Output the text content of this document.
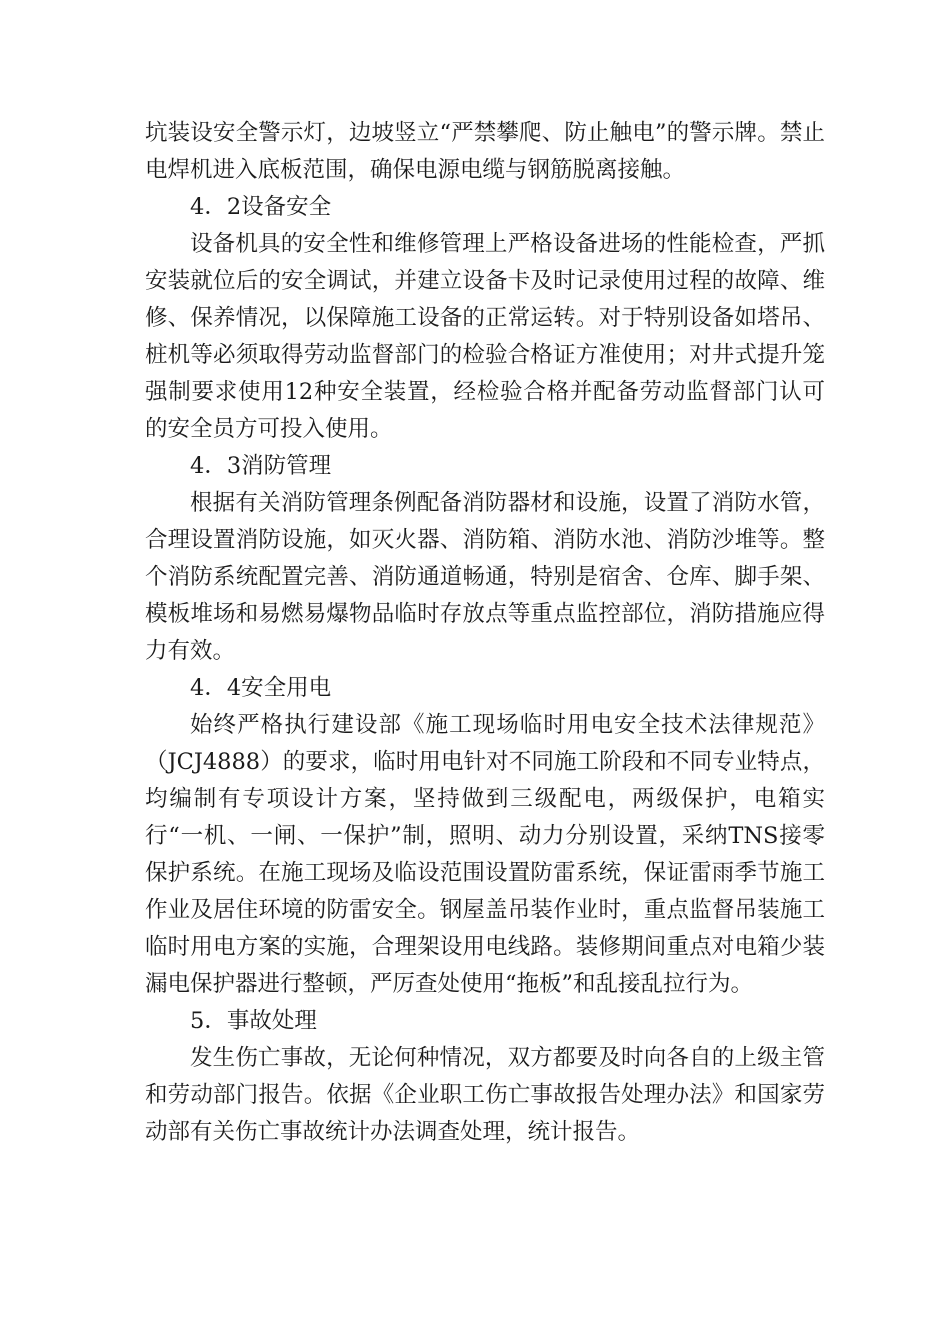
坑装设安全警示灯，边坡竖立“严禁攀爬、防止触电”的警示牌。禁止电焊机进入底板范围，确保电源电缆与钢筋脱离接触。

4．2设备安全

设备机具的安全性和维修管理上严格设备进场的性能检查，严抓安装就位后的安全调试，并建立设备卡及时记录使用过程的故障、维修、保养情况，以保障施工设备的正常运转。对于特别设备如塔吊、桩机等必须取得劳动监督部门的检验合格证方准使用；对井式提升笼强制要求使用12种安全装置，经检验合格并配备劳动监督部门认可的安全员方可投入使用。

4．3消防管理

根据有关消防管理条例配备消防器材和设施，设置了消防水管，合理设置消防设施，如灭火器、消防箱、消防水池、消防沙堆等。整个消防系统配置完善、消防通道畅通，特别是宿舍、仓库、脚手架、模板堆场和易燃易爆物品临时存放点等重点监控部位，消防措施应得力有效。

4．4安全用电

始终严格执行建设部《施工现场临时用电安全技术法律规范》（JCJ4888）的要求，临时用电针对不同施工阶段和不同专业特点，均编制有专项设计方案，坚持做到三级配电，两级保护，电箱实行“一机、一闸、一保护”制，照明、动力分别设置，采纳TNS接零保护系统。在施工现场及临设范围设置防雷系统，保证雷雨季节施工作业及居住环境的防雷安全。钢屋盖吊装作业时，重点监督吊装施工临时用电方案的实施，合理架设用电线路。装修期间重点对电箱少装漏电保护器进行整顿，严厉查处使用“拖板”和乱接乱拉行为。

5．事故处理

发生伤亡事故，无论何种情况，双方都要及时向各自的上级主管和劳动部门报告。依据《企业职工伤亡事故报告处理办法》和国家劳动部有关伤亡事故统计办法调查处理，统计报告。
